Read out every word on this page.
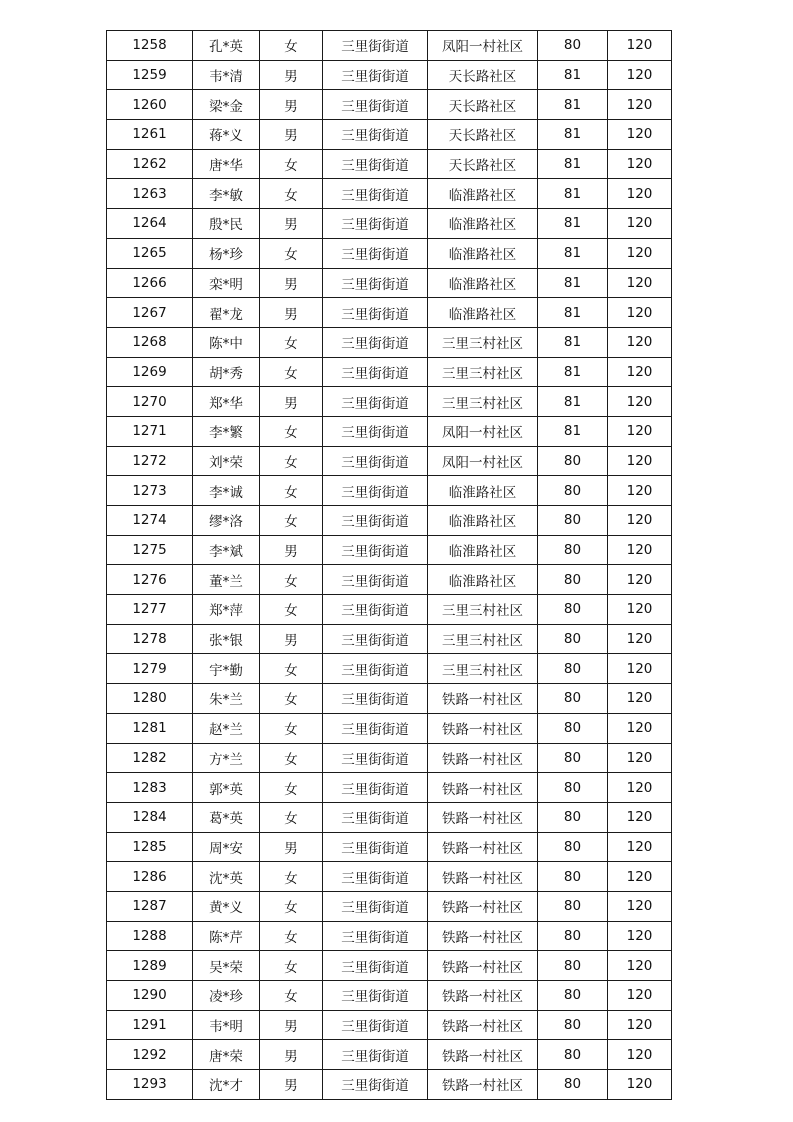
1258	孔*英	女	三里街街道	凤阳一村社区	80	120
1259	韦*清	男	三里街街道	天长路社区	81	120
1260	梁*金	男	三里街街道	天长路社区	81	120
1261	蒋*义	男	三里街街道	天长路社区	81	120
1262	唐*华	女	三里街街道	天长路社区	81	120
1263	李*敏	女	三里街街道	临淮路社区	81	120
1264	殷*民	男	三里街街道	临淮路社区	81	120
1265	杨*珍	女	三里街街道	临淮路社区	81	120
1266	栾*明	男	三里街街道	临淮路社区	81	120
1267	翟*龙	男	三里街街道	临淮路社区	81	120
1268	陈*中	女	三里街街道	三里三村社区	81	120
1269	胡*秀	女	三里街街道	三里三村社区	81	120
1270	郑*华	男	三里街街道	三里三村社区	81	120
1271	李*繁	女	三里街街道	凤阳一村社区	81	120
1272	刘*荣	女	三里街街道	凤阳一村社区	80	120
1273	李*诚	女	三里街街道	临淮路社区	80	120
1274	缪*洛	女	三里街街道	临淮路社区	80	120
1275	李*斌	男	三里街街道	临淮路社区	80	120
1276	董*兰	女	三里街街道	临淮路社区	80	120
1277	郑*萍	女	三里街街道	三里三村社区	80	120
1278	张*银	男	三里街街道	三里三村社区	80	120
1279	宇*勤	女	三里街街道	三里三村社区	80	120
1280	朱*兰	女	三里街街道	铁路一村社区	80	120
1281	赵*兰	女	三里街街道	铁路一村社区	80	120
1282	方*兰	女	三里街街道	铁路一村社区	80	120
1283	郭*英	女	三里街街道	铁路一村社区	80	120
1284	葛*英	女	三里街街道	铁路一村社区	80	120
1285	周*安	男	三里街街道	铁路一村社区	80	120
1286	沈*英	女	三里街街道	铁路一村社区	80	120
1287	黄*义	女	三里街街道	铁路一村社区	80	120
1288	陈*芹	女	三里街街道	铁路一村社区	80	120
1289	吴*荣	女	三里街街道	铁路一村社区	80	120
1290	凌*珍	女	三里街街道	铁路一村社区	80	120
1291	韦*明	男	三里街街道	铁路一村社区	80	120
1292	唐*荣	男	三里街街道	铁路一村社区	80	120
1293	沈*才	男	三里街街道	铁路一村社区	80	120
